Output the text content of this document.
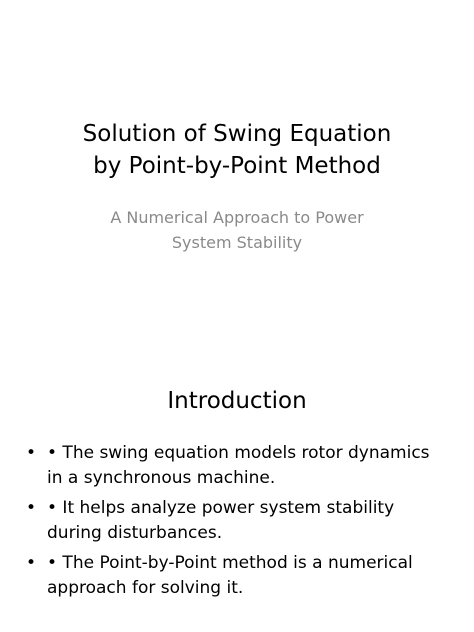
Solution of Swing Equation
by Point-by-Point Method
A Numerical Approach to Power
System Stability
Introduction
• • The swing equation models rotor dynamics
in a synchronous machine.
• • It helps analyze power system stability
during disturbances.
• • The Point-by-Point method is a numerical
approach for solving it.
